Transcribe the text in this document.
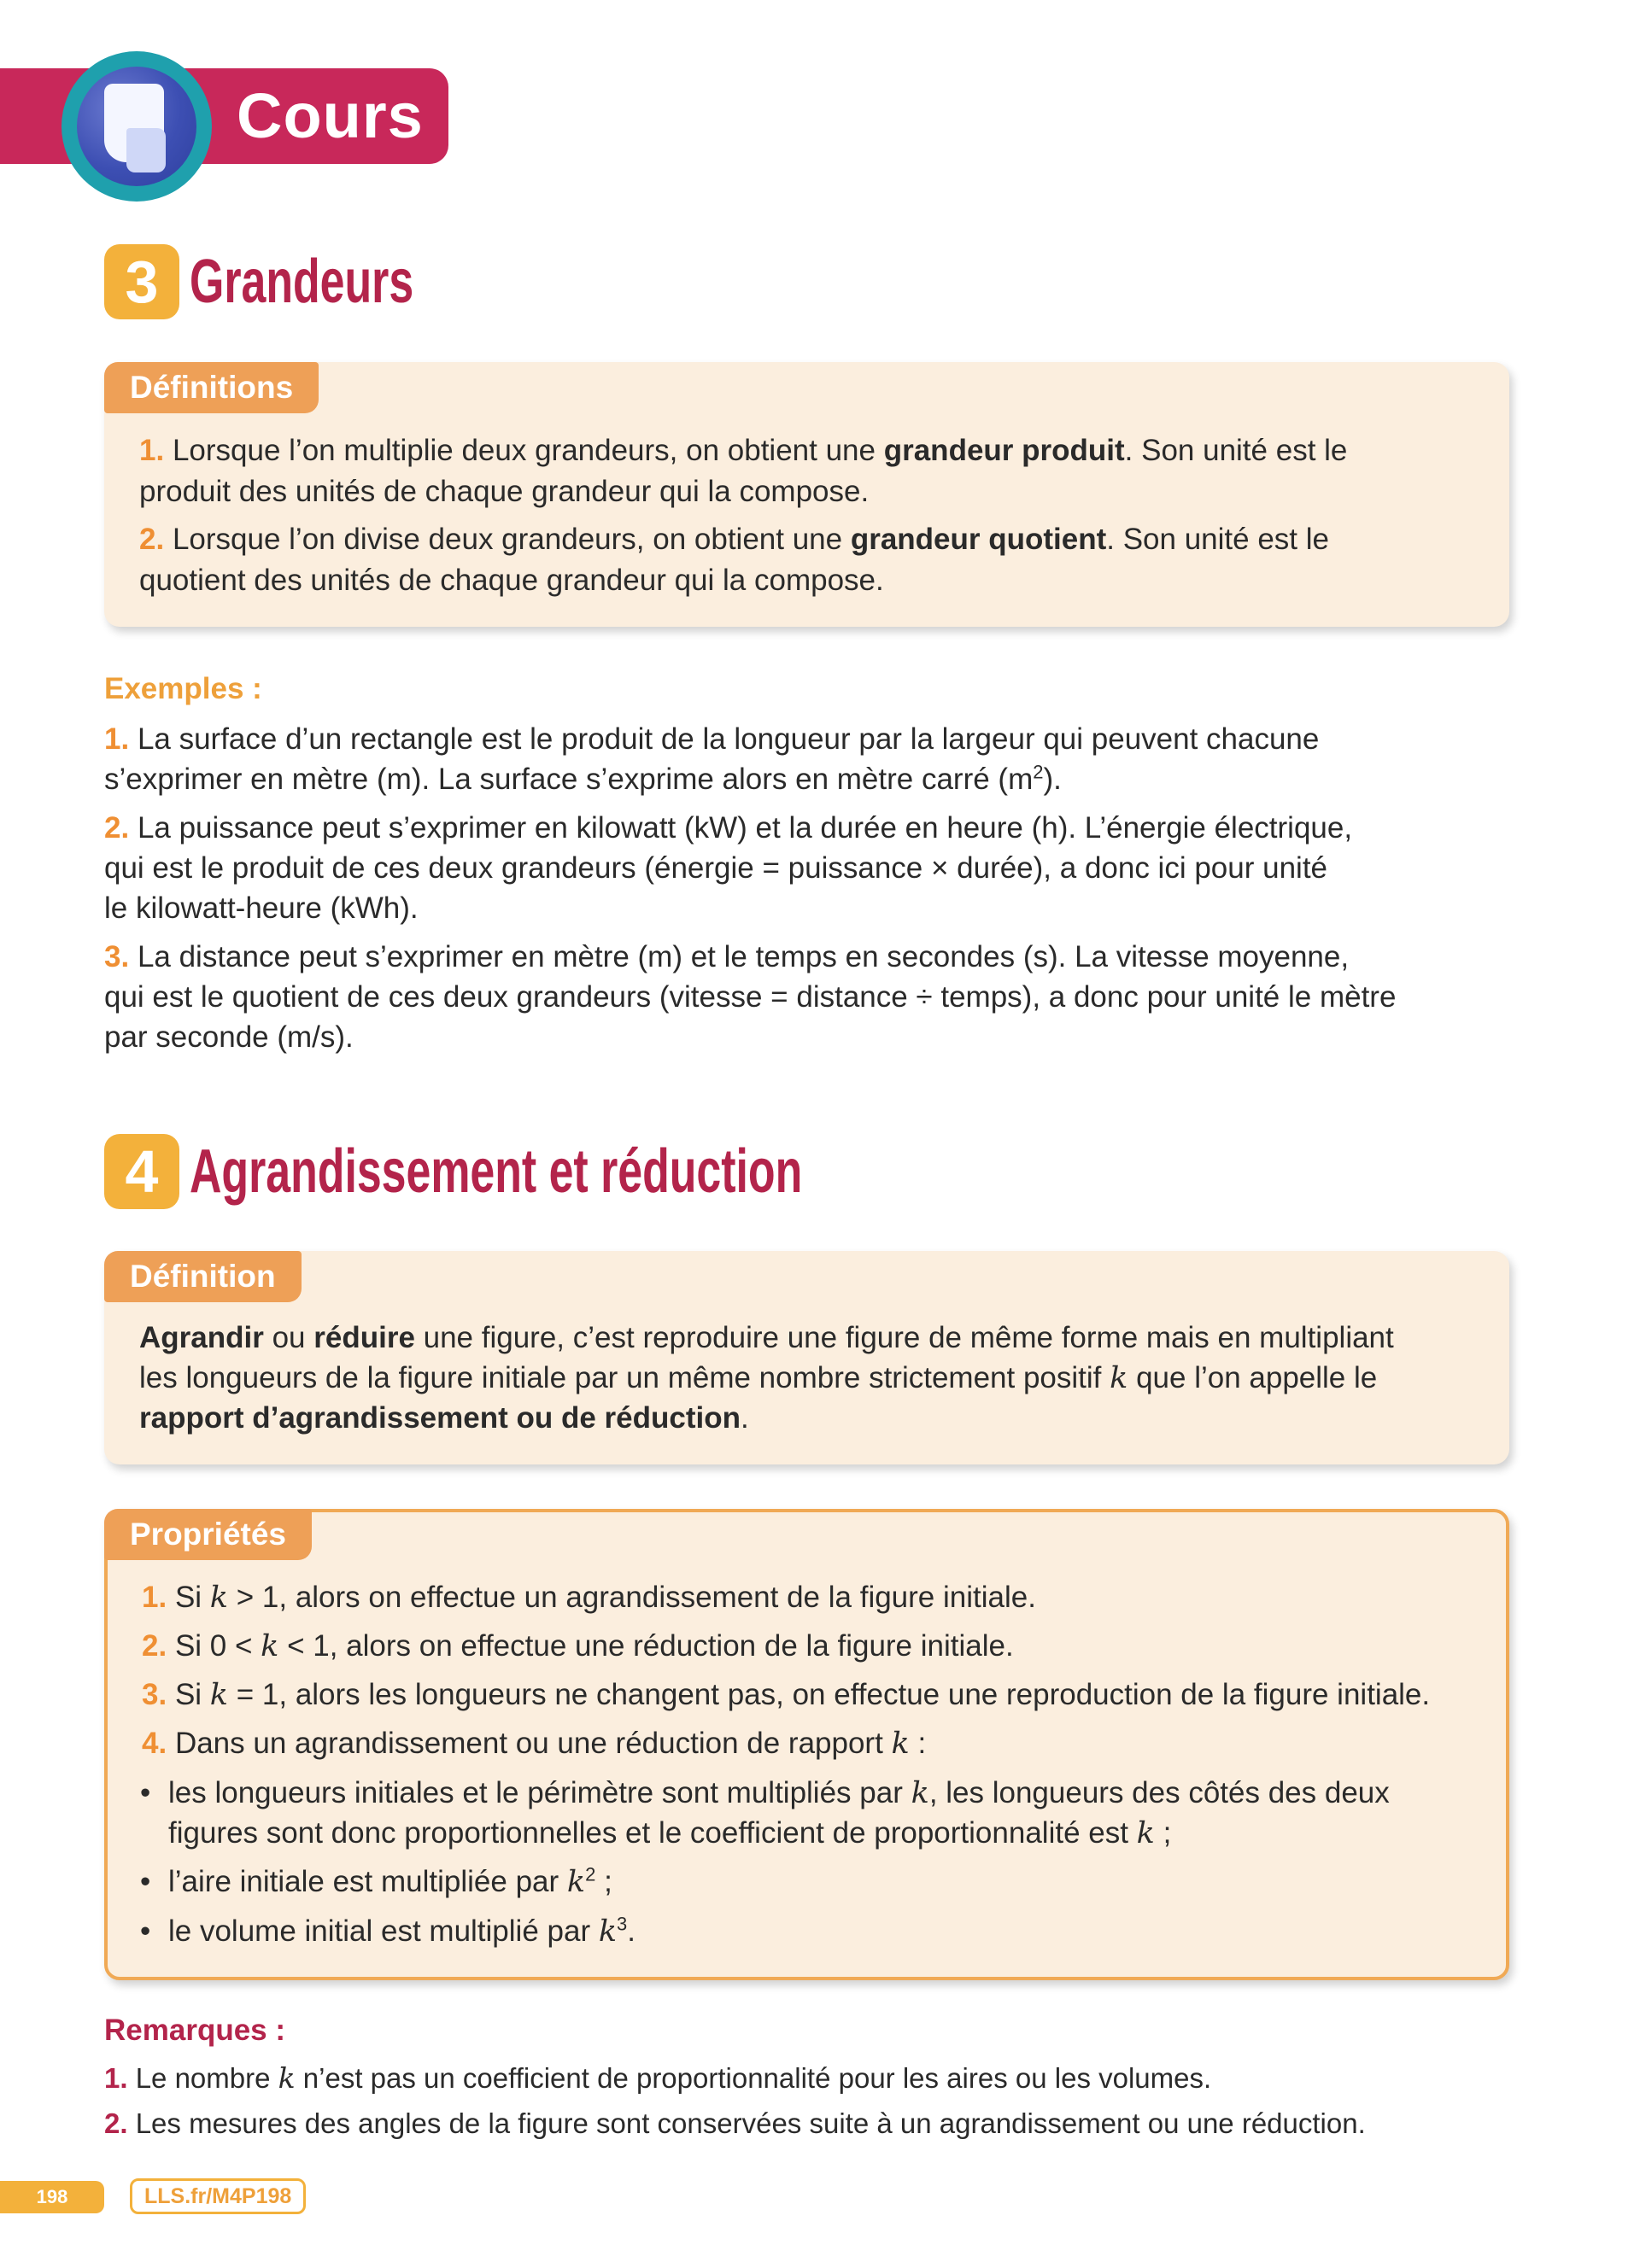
Cours
3 Grandeurs
Définitions
1. Lorsque l’on multiplie deux grandeurs, on obtient une grandeur produit. Son unité est le
produit des unités de chaque grandeur qui la compose.
2. Lorsque l’on divise deux grandeurs, on obtient une grandeur quotient. Son unité est le
quotient des unités de chaque grandeur qui la compose.
Exemples :
1. La surface d’un rectangle est le produit de la longueur par la largeur qui peuvent chacune
s’exprimer en mètre (m). La surface s’exprime alors en mètre carré $(m^2)$.
2. La puissance peut s’exprimer en kilowatt (kW) et la durée en heure (h). L’énergie électrique,
qui est le produit de ces deux grandeurs (énergie = puissance × durée), a donc ici pour unité
le kilowatt-heure (kWh).
3. La distance peut s’exprimer en mètre (m) et le temps en secondes (s). La vitesse moyenne,
qui est le quotient de ces deux grandeurs (vitesse = distance ÷ temps), a donc pour unité le mètre
par seconde (m/s).
4 Agrandissement et réduction
Définition
Agrandir ou réduire une figure, c’est reproduire une figure de même forme mais en multipliant
les longueurs de la figure initiale par un même nombre strictement positif k que l’on appelle le
rapport d’agrandissement ou de réduction.
Propriétés
1. Si k > 1, alors on effectue un agrandissement de la figure initiale.
2. Si 0 < k < 1, alors on effectue une réduction de la figure initiale.
3. Si k = 1, alors les longueurs ne changent pas, on effectue une reproduction de la figure initiale.
4. Dans un agrandissement ou une réduction de rapport k :
• les longueurs initiales et le périmètre sont multipliés par k, les longueurs des côtés des deux
figures sont donc proportionnelles et le coefficient de proportionnalité est k ;
• l’aire initiale est multipliée par $k^2$ ;
• le volume initial est multiplié par $k^3$.
Remarques :
1. Le nombre k n’est pas un coefficient de proportionnalité pour les aires ou les volumes.
2. Les mesures des angles de la figure sont conservées suite à un agrandissement ou une réduction.
198	LLS.fr/M4P198
